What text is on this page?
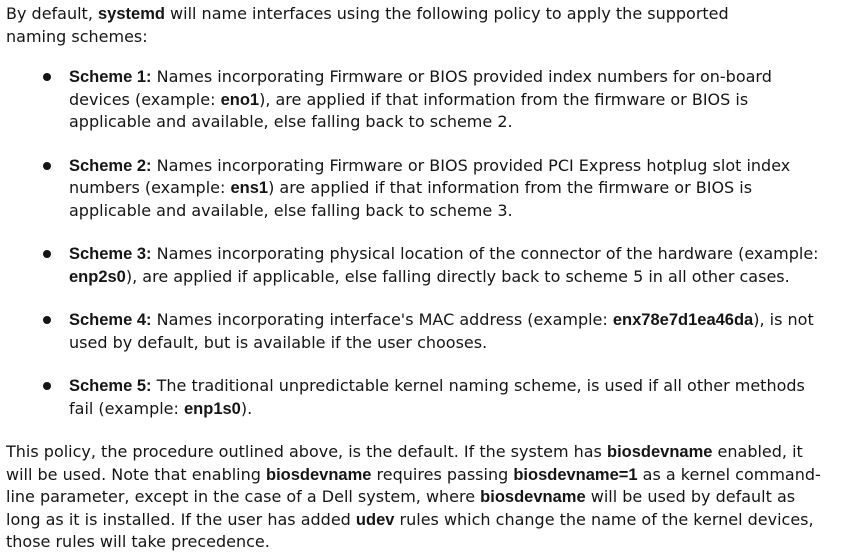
By default, systemd will name interfaces using the following policy to apply the supported naming schemes:

Scheme 1: Names incorporating Firmware or BIOS provided index numbers for on-board devices (example: eno1), are applied if that information from the firmware or BIOS is applicable and available, else falling back to scheme 2.
Scheme 2: Names incorporating Firmware or BIOS provided PCI Express hotplug slot index numbers (example: ens1) are applied if that information from the firmware or BIOS is applicable and available, else falling back to scheme 3.
Scheme 3: Names incorporating physical location of the connector of the hardware (example: enp2s0), are applied if applicable, else falling directly back to scheme 5 in all other cases.
Scheme 4: Names incorporating interface's MAC address (example: enx78e7d1ea46da), is not used by default, but is available if the user chooses.
Scheme 5: The traditional unpredictable kernel naming scheme, is used if all other methods fail (example: enp1s0).

This policy, the procedure outlined above, is the default. If the system has biosdevname enabled, it will be used. Note that enabling biosdevname requires passing biosdevname=1 as a kernel command-line parameter, except in the case of a Dell system, where biosdevname will be used by default as long as it is installed. If the user has added udev rules which change the name of the kernel devices, those rules will take precedence.
